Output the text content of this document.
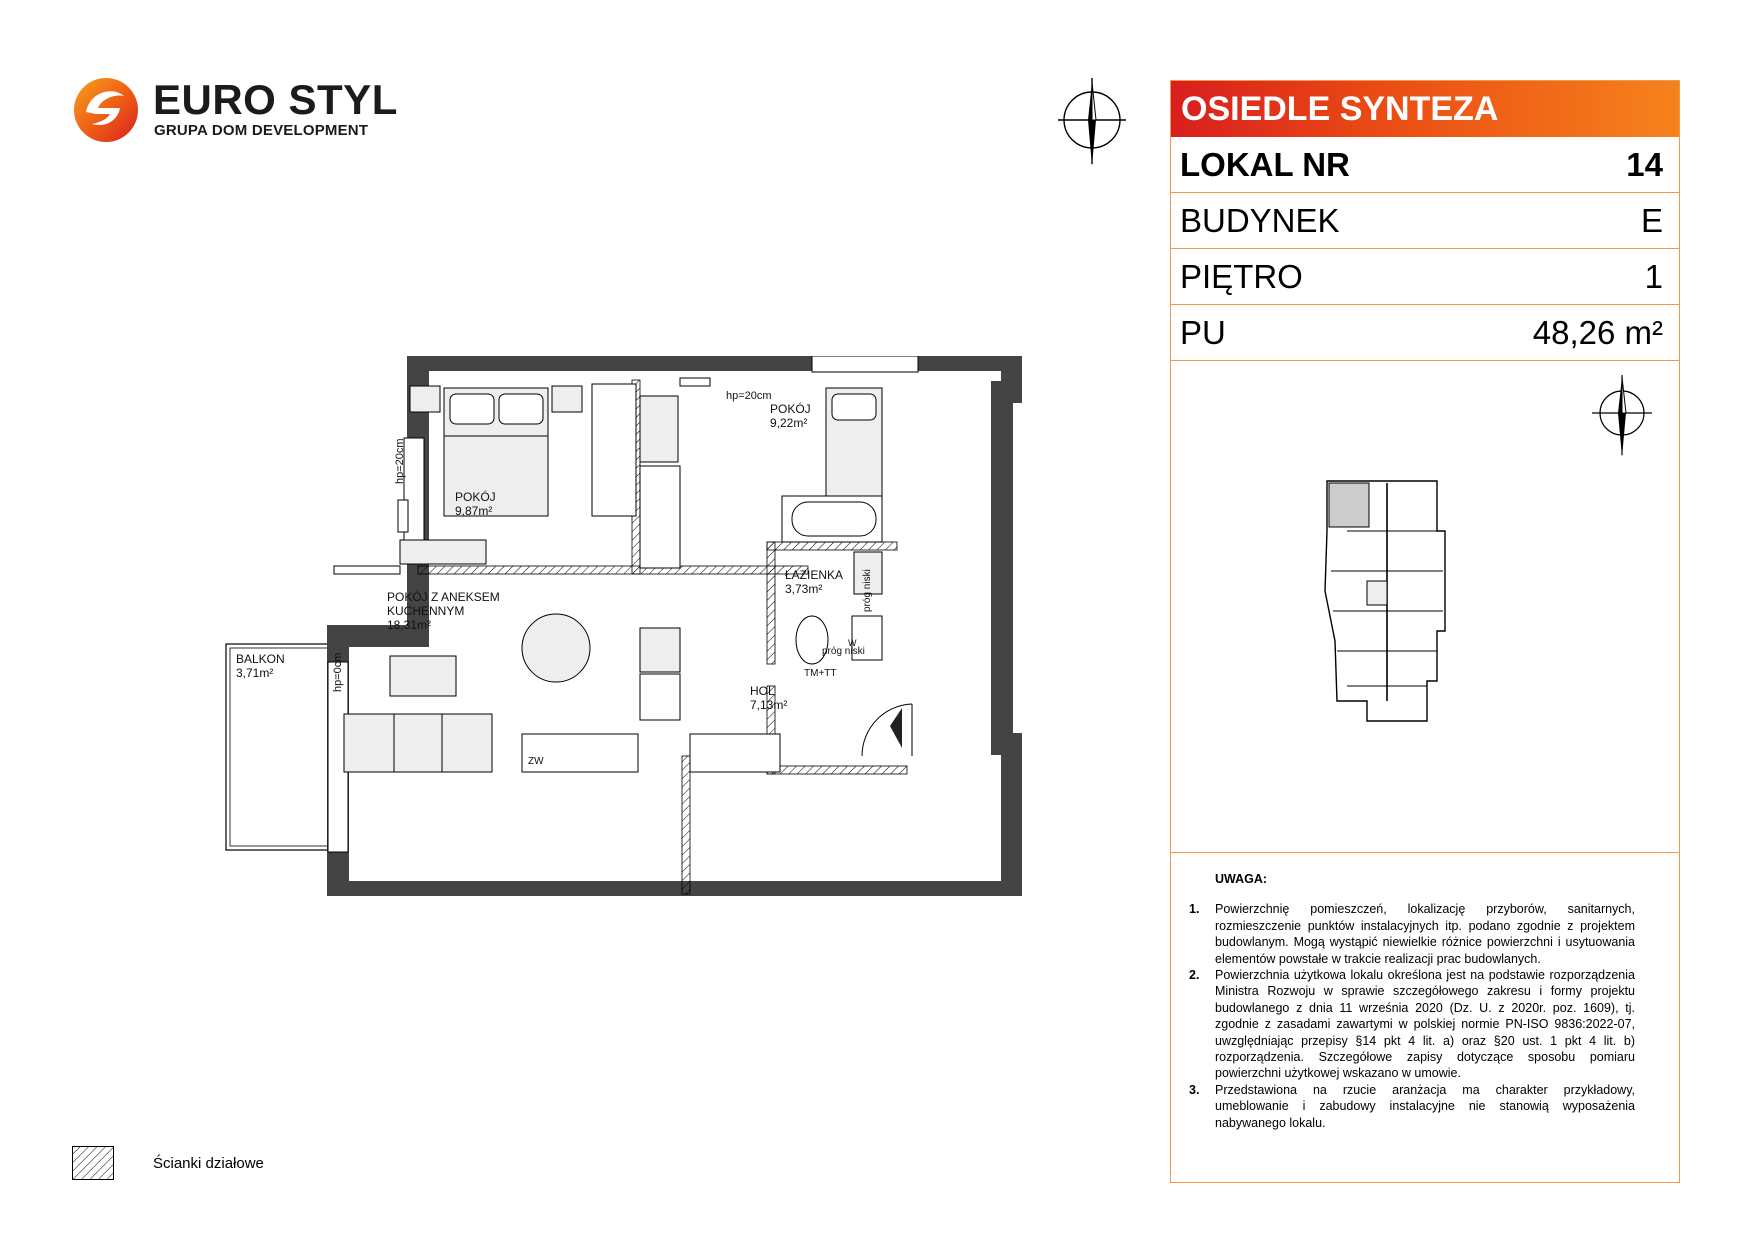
EURO STYL
GRUPA DOM DEVELOPMENT
POKÓJ
9,87m²
POKÓJ
9,22m²
POKÓJ Z ANEKSEM
KUCHENNYM
18,31m²
ŁAZIENKA
3,73m²
HOL
7,13m²
BALKON
3,71m²
hp=20cm
hp=20cm
hp=0cm
próg niski
próg niski
TM+TT
ZW
W
OSIEDLE SYNTEZA
LOKAL NR	14
BUDYNEK	E
PIĘTRO	1
PU	48,26 m²
UWAGA:
1.	Powierzchnię pomieszczeń, lokalizację przyborów, sanitarnych, rozmieszczenie punktów instalacyjnych itp. podano zgodnie z projektem budowlanym. Mogą wystąpić niewielkie różnice powierzchni i usytuowania elementów powstałe w trakcie realizacji prac budowlanych.
2.	Powierzchnia użytkowa lokalu określona jest na podstawie rozporządzenia Ministra Rozwoju w sprawie szczegółowego zakresu i formy projektu budowlanego z dnia 11 września 2020 (Dz. U. z 2020r. poz. 1609), tj. zgodnie z zasadami zawartymi w polskiej normie PN-ISO 9836:2022-07, uwzględniając przepisy §14 pkt 4 lit. a) oraz §20 ust. 1 pkt 4 lit. b) rozporządzenia. Szczegółowe zapisy dotyczące sposobu pomiaru powierzchni użytkowej wskazano w umowie.
3.	Przedstawiona na rzucie aranżacja ma charakter przykładowy, umeblowanie i zabudowy instalacyjne nie stanowią wyposażenia nabywanego lokalu.
Ścianki działowe
